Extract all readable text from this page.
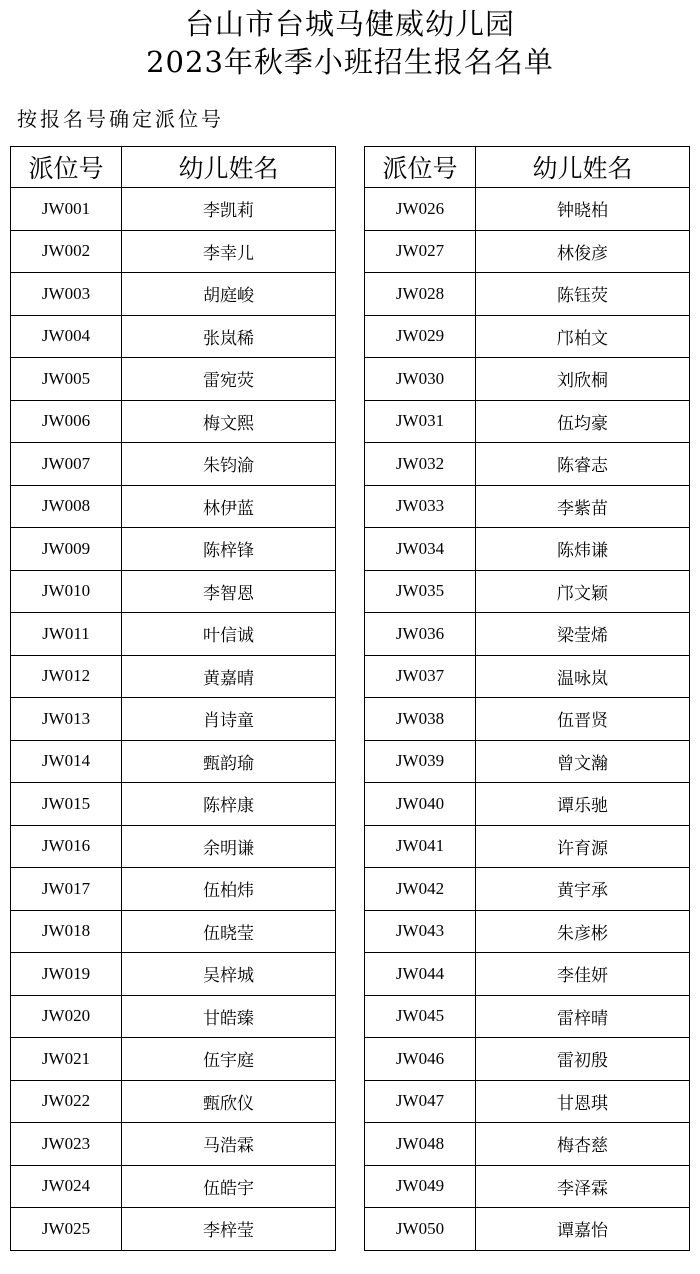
台山市台城马健威幼儿园
2023年秋季小班招生报名名单
按报名号确定派位号
派位号	幼儿姓名
JW001	李凯莉
JW002	李幸儿
JW003	胡庭峻
JW004	张岚稀
JW005	雷宛荧
JW006	梅文熙
JW007	朱钧渝
JW008	林伊蓝
JW009	陈梓锋
JW010	李智恩
JW011	叶信诚
JW012	黄嘉晴
JW013	肖诗童
JW014	甄韵瑜
JW015	陈梓康
JW016	余明谦
JW017	伍柏炜
JW018	伍晓莹
JW019	吴梓城
JW020	甘皓臻
JW021	伍宇庭
JW022	甄欣仪
JW023	马浩霖
JW024	伍皓宇
JW025	李梓莹
派位号	幼儿姓名
JW026	钟晓柏
JW027	林俊彦
JW028	陈钰荧
JW029	邝柏文
JW030	刘欣桐
JW031	伍均豪
JW032	陈睿志
JW033	李紫苗
JW034	陈炜谦
JW035	邝文颖
JW036	梁莹烯
JW037	温咏岚
JW038	伍晋贤
JW039	曾文瀚
JW040	谭乐驰
JW041	许育源
JW042	黄宇承
JW043	朱彦彬
JW044	李佳妍
JW045	雷梓晴
JW046	雷初殷
JW047	甘恩琪
JW048	梅杏慈
JW049	李泽霖
JW050	谭嘉怡
